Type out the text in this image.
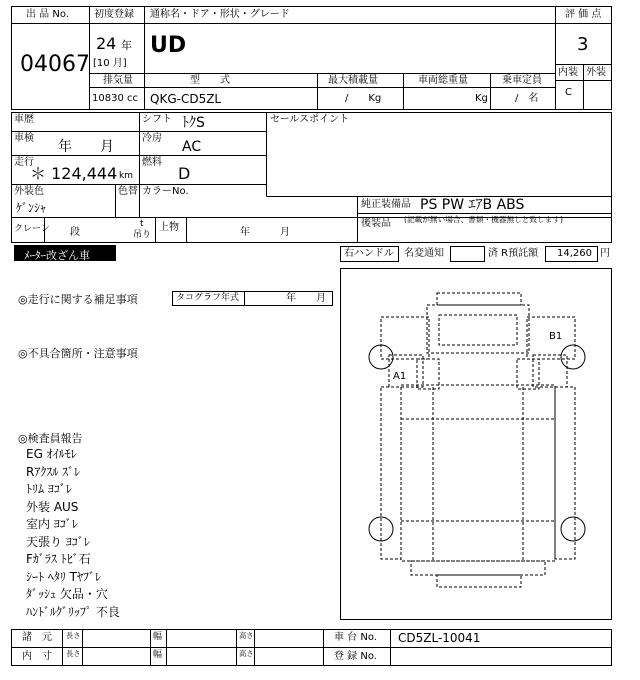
出 品 No.
04067
初度登録
24 年
[10 月]
通称名・ドア・形状・グレード
UD
評 価 点
3
内装 外装
C
排気量
10830 cc
型　　式
QKG-CD5ZL
最大積載量
/　　Kg
車両総重量
Kg
乗車定員
/　名
車歴	シフト ﾄｸS	セールスポイント
車検
年　　月
冷房
AC
走行
＊ 124,444 km
燃料
D
外装色
ｹﾞﾝｼｬ
色替 カラーNo.
純正装備品 PS PW ｴｱB ABS
後装品 (記載が無い場合、書類・機器無しと致します)
クレーン 段
t
吊り
上物	年　　　月
ﾒｰﾀｰ改ざん車	右ハンドル 名変通知	済 R預託額 14,260 円
◎走行に関する補足事項	タコグラフ年式	年　　月
◎不具合箇所・注意事項
◎検査員報告
EG ｵｲﾙﾓﾚ
Rｱｸｽﾙ ｽﾞﾚ
ﾄﾘﾑ ﾖｺﾞﾚ
外装 AUS
室内 ﾖｺﾞﾚ
天張り ﾖｺﾞﾚ
Fｶﾞﾗｽ ﾄﾋﾞ石
ｼｰﾄ ﾍﾀﾘ Tﾔﾌﾞﾚ
ﾀﾞｯｼｭ 欠品・穴
ﾊﾝﾄﾞﾙｸﾞﾘｯﾌﾟ 不良
A1
B1
諸　元 長さ	幅	高さ	車 台 No. CD5ZL-10041
内　寸 長さ	幅	高さ	登 録 No.
